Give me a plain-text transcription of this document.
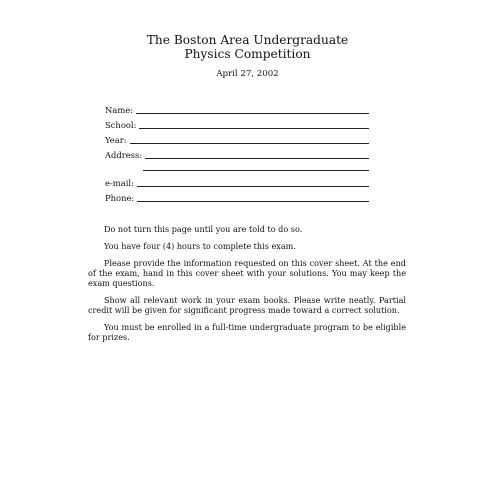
The Boston Area Undergraduate
Physics Competition
April 27, 2002
Name:
School:
Year:
Address:
e-mail:
Phone:

Do not turn this page until you are told to do so.

You have four (4) hours to complete this exam.

Please provide the information requested on this cover sheet. At the end of the exam, hand in this cover sheet with your solutions. You may keep the exam questions.

Show all relevant work in your exam books. Please write neatly. Partial credit will be given for significant progress made toward a correct solution.

You must be enrolled in a full-time undergraduate program to be eligible for prizes.
